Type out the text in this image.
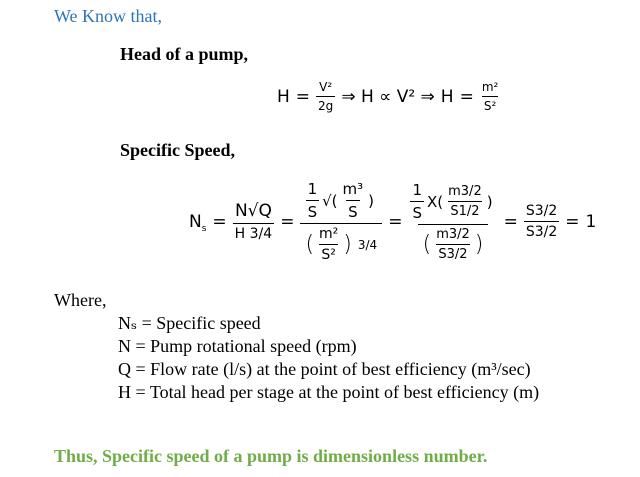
We Know that,
Head of a pump,
$H = \frac{\text{V²}}{2g}$ ⇒ H ∝ V² ⇒ $H = \frac{\text{m²}}{\text{S²}}$
Specific Speed,
$N_s = \frac{N√Q}{H 3/4}$ =
$\frac{1}{S}$ √( $\frac{\text{m³}}{S}$ )
( $\frac{\text{m²}}{\text{S²}}$ ) 3/4
= $\frac{1}{S} X( \frac{m3/2}{S1/2}$ )
( $\frac{m3/2}{S3/2}$ )
= $\frac{S3/2}{S3/2} = 1$
Where,
Nₛ = Specific speed
N = Pump rotational speed (rpm)
Q = Flow rate (l/s) at the point of best efficiency (m³/sec)
H = Total head per stage at the point of best efficiency (m)
Thus, Specific speed of a pump is dimensionless number.
